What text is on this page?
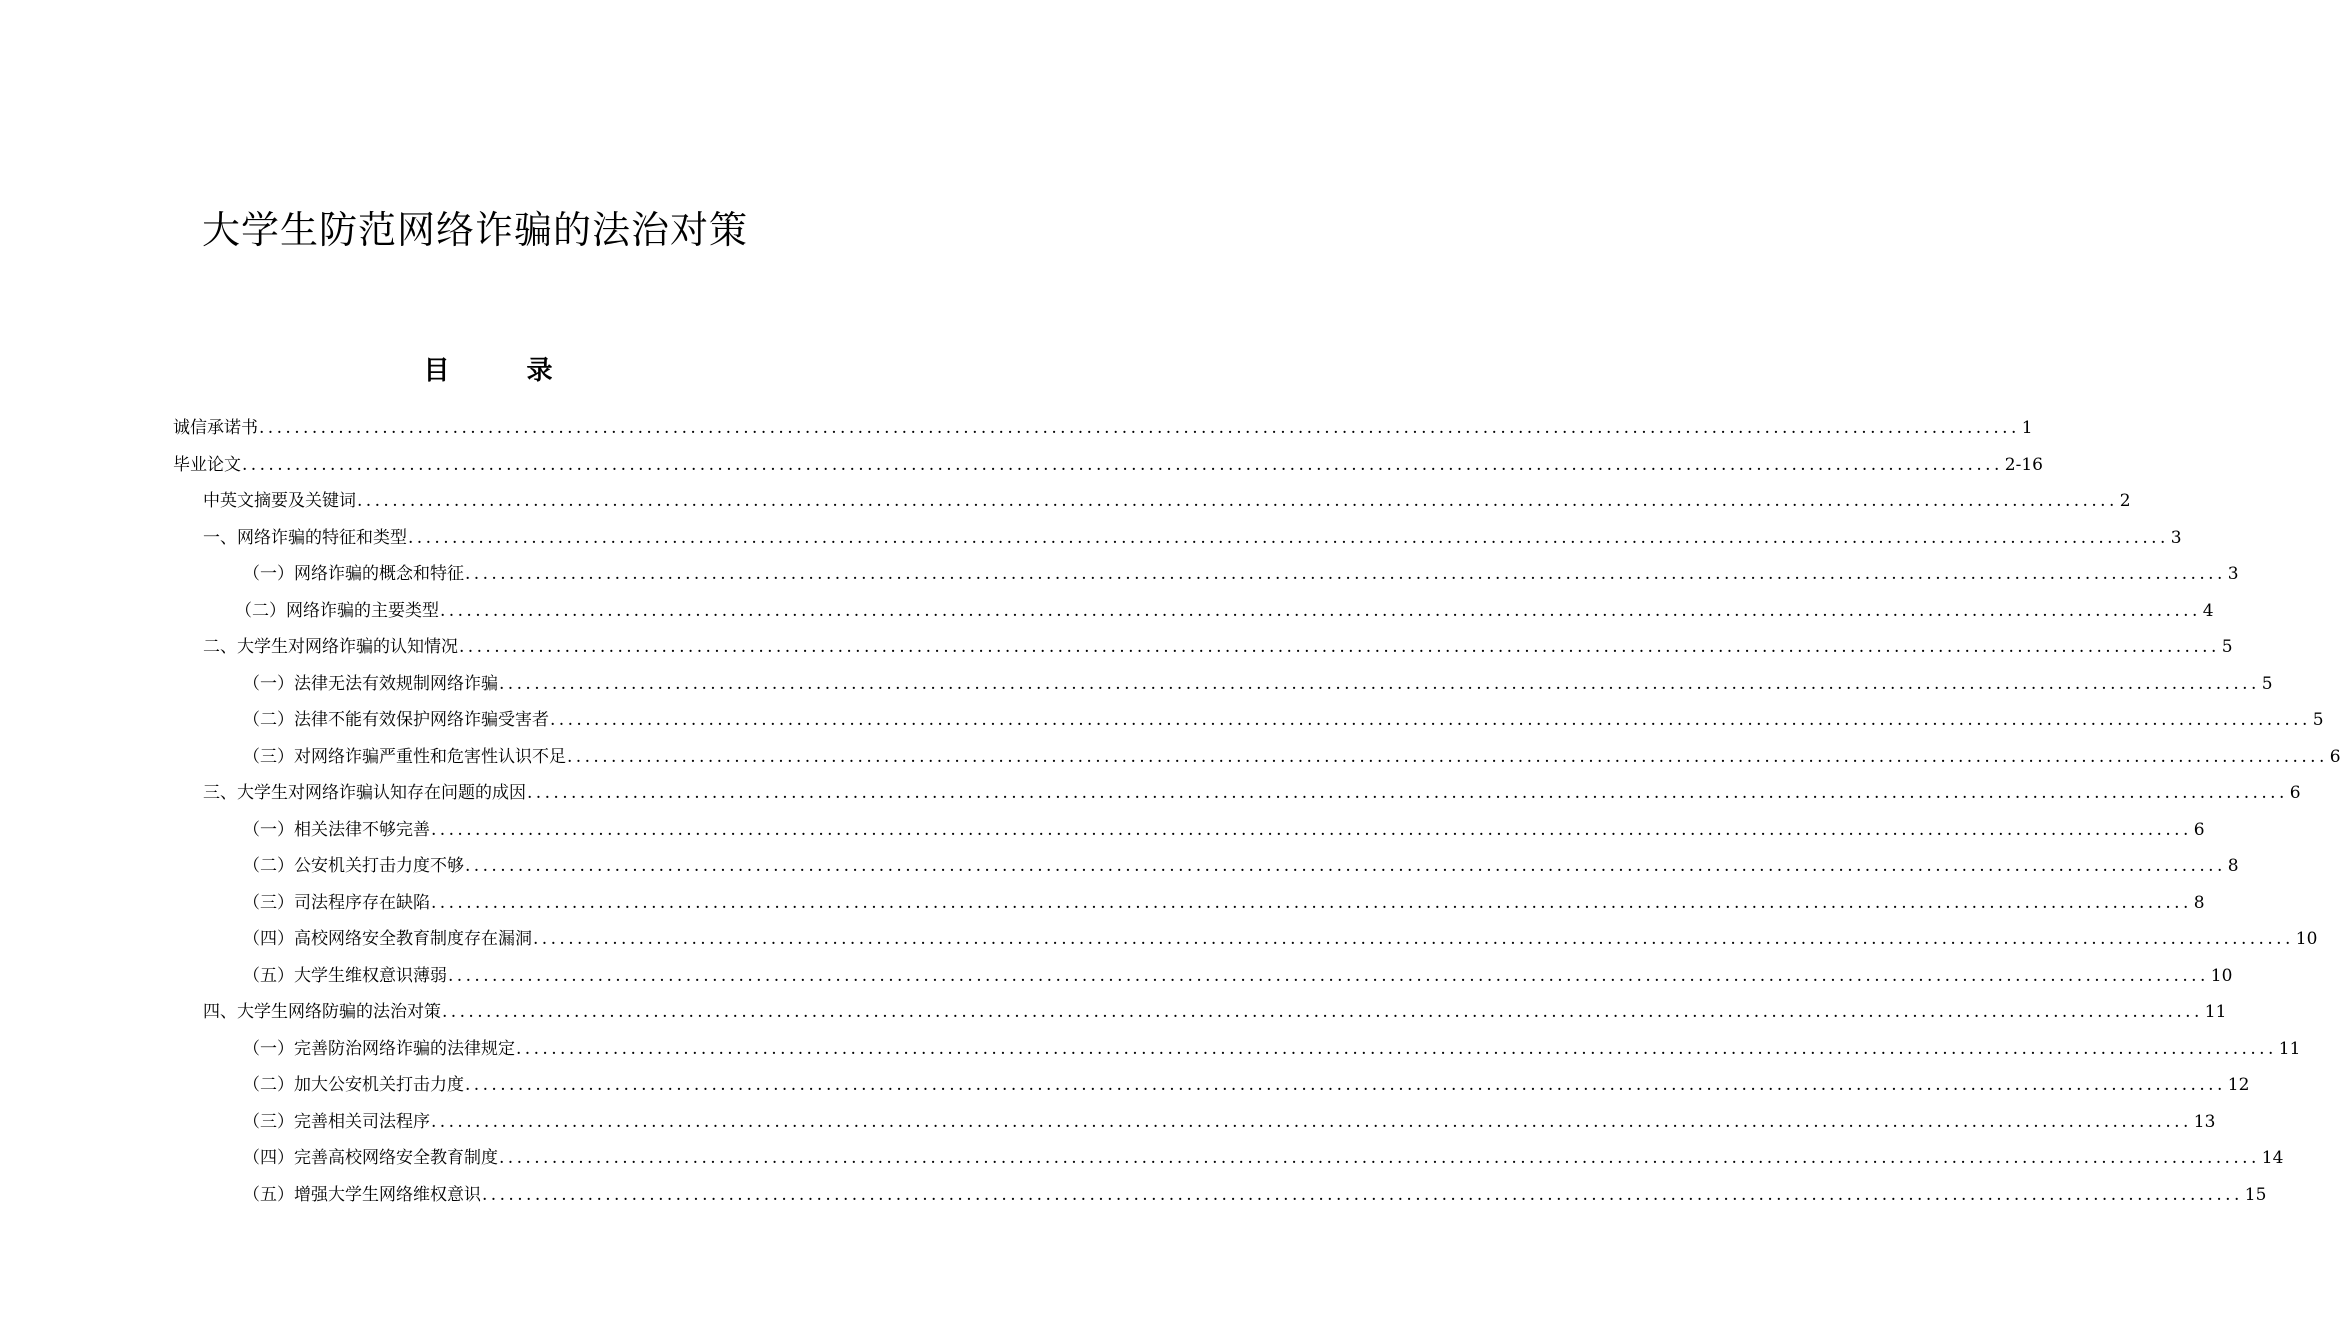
大学生防范网络诈骗的法治对策
目 录
诚信承诺书 ........................................................................................................................................................................................................ 1
毕业论文 ........................................................................................................................................................................................................ 2-16
中英文摘要及关键词 ........................................................................................................................................................................................................ 2
一、网络诈骗的特征和类型 ........................................................................................................................................................................................................ 3
（一）网络诈骗的概念和特征 ........................................................................................................................................................................................................ 3
（二）网络诈骗的主要类型 ........................................................................................................................................................................................................ 4
二、大学生对网络诈骗的认知情况 ........................................................................................................................................................................................................ 5
（一）法律无法有效规制网络诈骗 ........................................................................................................................................................................................................ 5
（二）法律不能有效保护网络诈骗受害者 ........................................................................................................................................................................................................ 5
（三）对网络诈骗严重性和危害性认识不足 ........................................................................................................................................................................................................ 6
三、大学生对网络诈骗认知存在问题的成因 ........................................................................................................................................................................................................ 6
（一）相关法律不够完善 ........................................................................................................................................................................................................ 6
（二）公安机关打击力度不够 ........................................................................................................................................................................................................ 8
（三）司法程序存在缺陷 ........................................................................................................................................................................................................ 8
（四）高校网络安全教育制度存在漏洞 ........................................................................................................................................................................................................ 10
（五）大学生维权意识薄弱 ........................................................................................................................................................................................................ 10
四、大学生网络防骗的法治对策 ........................................................................................................................................................................................................ 11
（一）完善防治网络诈骗的法律规定 ........................................................................................................................................................................................................ 11
（二）加大公安机关打击力度 ........................................................................................................................................................................................................ 12
（三）完善相关司法程序 ........................................................................................................................................................................................................ 13
（四）完善高校网络安全教育制度 ........................................................................................................................................................................................................ 14
（五）增强大学生网络维权意识 ........................................................................................................................................................................................................ 15
